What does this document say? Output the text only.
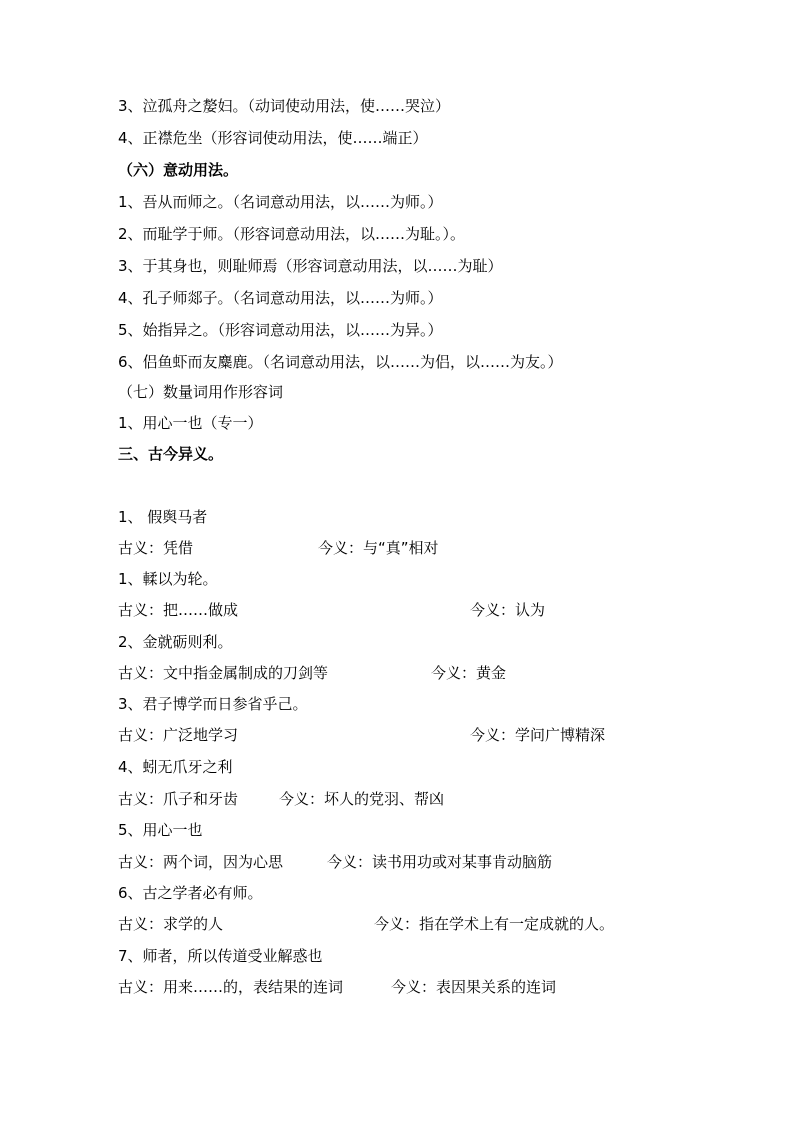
3、泣孤舟之嫠妇。（动词使动用法，使……哭泣）
4、正襟危坐（形容词使动用法，使……端正）
（六）意动用法。
1、吾从而师之。（名词意动用法，以……为师。）
2、而耻学于师。（形容词意动用法，以……为耻。）。
3、于其身也，则耻师焉（形容词意动用法，以……为耻）
4、孔子师郯子。（名词意动用法，以……为师。）
5、始指异之。（形容词意动用法，以……为异。）
6、侣鱼虾而友麋鹿。（名词意动用法，以……为侣，以……为友。）
（七）数量词用作形容词
1、用心一也（专一）
三、古今异义。
1、 假舆马者
古义：凭借	今义：与“真”相对
1、輮以为轮。
古义：把……做成	今义：认为
2、金就砺则利。
古义：文中指金属制成的刀剑等	今义：黄金
3、君子博学而日参省乎己。
古义：广泛地学习	今义：学问广博精深
4、蚓无爪牙之利
古义：爪子和牙齿	今义：坏人的党羽、帮凶
5、用心一也
古义：两个词，因为心思	今义：读书用功或对某事肯动脑筋
6、古之学者必有师。
古义：求学的人	今义：指在学术上有一定成就的人。
7、师者，所以传道受业解惑也
古义：用来……的，表结果的连词	今义：表因果关系的连词
